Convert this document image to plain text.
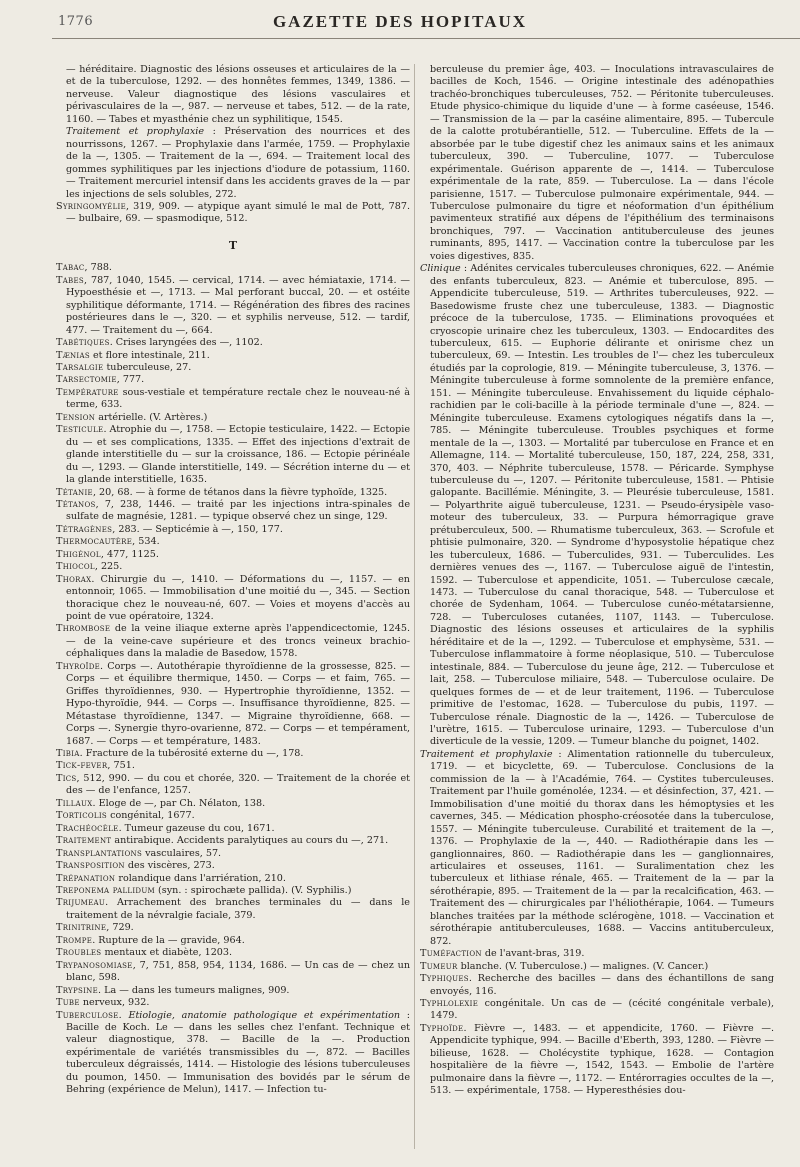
1776	GAZETTE DES HOPITAUX

— héréditaire. Diagnostic des lésions osseuses et articulaires de la — et de la tuberculose, 1292. — des honnêtes femmes, 1349, 1386. — nerveuse. Valeur diagnostique des lésions vasculaires et périvasculaires de la —, 987. — nerveuse et tabes, 512. — de la rate, 1160. — Tabes et myasthénie chez un syphilitique, 1545.

Traitement et prophylaxie : Préservation des nourrices et des nourrissons, 1267. — Prophylaxie dans l'armée, 1759. — Prophylaxie de la —, 1305. — Traitement de la —, 694. — Traitement local des gommes syphilitiques par les injections d'iodure de potassium, 1160. — Traitement mercuriel intensif dans les accidents graves de la — par les injections de sels solubles, 272.

Syringomyélie, 319, 909. — atypique ayant simulé le mal de Pott, 787. — bulbaire, 69. — spasmodique, 512.

T

Tabac, 788.

Tabes, 787, 1040, 1545. — cervical, 1714. — avec hémiataxie, 1714. — Hypoesthésie et —, 1713. — Mal perforant buccal, 20. — et ostéite syphilitique déformante, 1714. — Régénération des fibres des racines postérieures dans le —, 320. — et syphilis nerveuse, 512. — tardif, 477. — Traitement du —, 664.

Tabétiques. Crises laryngées des —, 1102.

Tænias et flore intestinale, 211.

Tarsalgie tuberculeuse, 27.

Tarsectomie, 777.

Température sous-vestiale et température rectale chez le nouveau-né à terme, 633.

Tension artérielle. (V. Artères.)

Testicule. Atrophie du —, 1758. — Ectopie testiculaire, 1422. — Ectopie du — et ses complications, 1335. — Effet des injections d'extrait de glande interstitielle du — sur la croissance, 186. — Ectopie périnéale du —, 1293. — Glande interstitielle, 149. — Sécrétion interne du — et la glande interstitielle, 1635.

Tétanie, 20, 68. — à forme de tétanos dans la fièvre typhoïde, 1325.

Tétanos, 7, 238, 1446. — traité par les injections intra-spinales de sulfate de magnésie, 1281. — typique observé chez un singe, 129.

Tétragènes, 283. — Septicémie à —, 150, 177.

Thermocautère, 534.

Thigénol, 477, 1125.

Thiocol, 225.

Thorax. Chirurgie du —, 1410. — Déformations du —, 1157. — en entonnoir, 1065. — Immobilisation d'une moitié du —, 345. — Section thoracique chez le nouveau-né, 607. — Voies et moyens d'accès au point de vue opératoire, 1324.

Thrombose de la veine iliaque externe après l'appendicectomie, 1245. — de la veine-cave supérieure et des troncs veineux brachio-céphaliques dans la maladie de Basedow, 1578.

Thyroïde. Corps —. Autothérapie thyroïdienne de la grossesse, 825. — Corps — et équilibre thermique, 1450. — Corps — et faim, 765. — Griffes thyroïdiennes, 930. — Hypertrophie thyroïdienne, 1352. — Hypo-thyroïdie, 944. — Corps —. Insuffisance thyroïdienne, 825. — Métastase thyroïdienne, 1347. — Migraine thyroïdienne, 668. — Corps —. Synergie thyro-ovarienne, 872. — Corps — et tempérament, 1687. — Corps — et température, 1483.

Tibia. Fracture de la tubérosité externe du —, 178.

Tick-fever, 751.

Tics, 512, 990. — du cou et chorée, 320. — Traitement de la chorée et des — de l'enfance, 1257.

Tillaux. Eloge de —, par Ch. Nélaton, 138.

Torticolis congénital, 1677.

Trachéocèle. Tumeur gazeuse du cou, 1671.

Traitement antirabique. Accidents paralytiques au cours du —, 271.

Transplantations vasculaires, 57.

Transposition des viscères, 273.

Trépanation rolandique dans l'arriération, 210.

Treponema pallidum (syn. : spirochæte pallida). (V. Syphilis.)

Trijumeau. Arrachement des branches terminales du — dans le traitement de la névralgie faciale, 379.

Trinitrine, 729.

Trompe. Rupture de la — gravide, 964.

Troubles mentaux et diabète, 1203.

Trypanosomiase, 7, 751, 858, 954, 1134, 1686. — Un cas de — chez un blanc, 598.

Trypsine. La — dans les tumeurs malignes, 909.

Tube nerveux, 932.

Tuberculose. Etiologie, anatomie pathologique et expérimentation : Bacille de Koch. Le — dans les selles chez l'enfant. Technique et valeur diagnostique, 378. — Bacille de la —. Production expérimentale de variétés transmissibles du —, 872. — Bacilles tuberculeux dégraissés, 1414. — Histologie des lésions tuberculeuses du poumon, 1450. — Immunisation des bovidés par le sérum de Behring (expérience de Melun), 1417. — Infection tu-

berculeuse du premier âge, 403. — Inoculations intravasculaires de bacilles de Koch, 1546. — Origine intestinale des adénopathies trachéo-bronchiques tuberculeuses, 752. — Péritonite tuberculeuses. Etude physico-chimique du liquide d'une — à forme caséeuse, 1546. — Transmission de la — par la caséine alimentaire, 895. — Tubercule de la calotte protubérantielle, 512. — Tuberculine. Effets de la — absorbée par le tube digestif chez les animaux sains et les animaux tuberculeux, 390. — Tuberculine, 1077. — Tuberculose expérimentale. Guérison apparente de —, 1414. — Tuberculose expérimentale de la rate, 859. — Tuberculose. La — dans l'école parisienne, 1517. — Tuberculose pulmonaire expérimentale, 944. — Tuberculose pulmonaire du tigre et néoformation d'un épithélium pavimenteux stratifié aux dépens de l'épithélium des terminaisons bronchiques, 797. — Vaccination antituberculeuse des jeunes ruminants, 895, 1417. — Vaccination contre la tuberculose par les voies digestives, 835.

Clinique : Adénites cervicales tuberculeuses chroniques, 622. — Anémie des enfants tuberculeux, 823. — Anémie et tuberculose, 895. — Appendicite tuberculeuse, 519. — Arthrites tuberculeuses, 922. — Basedowisme fruste chez une tuberculeuse, 1383. — Diagnostic précoce de la tuberculose, 1735. — Eliminations provoquées et cryoscopie urinaire chez les tuberculeux, 1303. — Endocardites des tuberculeux, 615. — Euphorie délirante et onirisme chez un tuberculeux, 69. — Intestin. Les troubles de l'— chez les tuberculeux étudiés par la coprologie, 819. — Méningite tuberculeuse, 3, 1376. — Méningite tuberculeuse à forme somnolente de la première enfance, 151. — Méningite tuberculeuse. Envahissement du liquide céphalo-rachidien par le coli-bacille à la période terminale d'une —, 824. — Méningite tuberculeuse. Examens cytologiques négatifs dans la —, 785. — Méningite tuberculeuse. Troubles psychiques et forme mentale de la —, 1303. — Mortalité par tuberculose en France et en Allemagne, 114. — Mortalité tuberculeuse, 150, 187, 224, 258, 331, 370, 403. — Néphrite tuberculeuse, 1578. — Péricarde. Symphyse tuberculeuse du —, 1207. — Péritonite tuberculeuse, 1581. — Phtisie galopante. Bacillémie. Méningite, 3. — Pleurésie tuberculeuse, 1581. — Polyarthrite aiguë tuberculeuse, 1231. — Pseudo-érysipèle vaso-moteur des tuberculeux, 33. — Purpura hémorragique grave prétuberculeux, 500. — Rhumatisme tuberculeux, 363. — Scrofule et phtisie pulmonaire, 320. — Syndrome d'hyposystolie hépatique chez les tuberculeux, 1686. — Tuberculides, 931. — Tuberculides. Les dernières venues des —, 1167. — Tuberculose aiguë de l'intestin, 1592. — Tuberculose et appendicite, 1051. — Tuberculose cæcale, 1473. — Tuberculose du canal thoracique, 548. — Tuberculose et chorée de Sydenham, 1064. — Tuberculose cunéo-métatarsienne, 728. — Tuberculoses cutanées, 1107, 1143. — Tuberculose. Diagnostic des lésions osseuses et articulaires de la syphilis héréditaire et de la —, 1292. — Tuberculose et emphysème, 531. — Tuberculose inflammatoire à forme néoplasique, 510. — Tuberculose intestinale, 884. — Tuberculose du jeune âge, 212. — Tuberculose et lait, 258. — Tuberculose miliaire, 548. — Tuberculose oculaire. De quelques formes de — et de leur traitement, 1196. — Tuberculose primitive de l'estomac, 1628. — Tuberculose du pubis, 1197. — Tuberculose rénale. Diagnostic de la —, 1426. — Tuberculose de l'urètre, 1615. — Tuberculose urinaire, 1293. — Tuberculose d'un diverticule de la vessie, 1209. — Tumeur blanche du poignet, 1402.

Traitement et prophylaxie : Alimentation rationnelle du tuberculeux, 1719. — et bicyclette, 69. — Tuberculose. Conclusions de la commission de la — à l'Académie, 764. — Cystites tuberculeuses. Traitement par l'huile goménolée, 1234. — et désinfection, 37, 421. — Immobilisation d'une moitié du thorax dans les hémoptysies et les cavernes, 345. — Médication phospho-créosotée dans la tuberculose, 1557. — Méningite tuberculeuse. Curabilité et traitement de la —, 1376. — Prophylaxie de la —, 440. — Radiothérapie dans les — ganglionnaires, 860. — Radiothérapie dans les — ganglionnaires, articulaires et osseuses, 1161. — Suralimentation chez les tuberculeux et lithiase rénale, 465. — Traitement de la — par la sérothérapie, 895. — Traitement de la — par la recalcification, 463. — Traitement des — chirurgicales par l'héliothérapie, 1064. — Tumeurs blanches traitées par la méthode sclérogène, 1018. — Vaccination et sérothérapie antituberculeuses, 1688. — Vaccins antituberculeux, 872.

Tuméfaction de l'avant-bras, 319.

Tumeur blanche. (V. Tuberculose.) — malignes. (V. Cancer.)

Typhiques. Recherche des bacilles — dans des échantillons de sang envoyés, 116.

Typhlolexie congénitale. Un cas de — (cécité congénitale verbale), 1479.

Typhoïde. Fièvre —, 1483. — et appendicite, 1760. — Fièvre —. Appendicite typhique, 994. — Bacille d'Eberth, 393, 1280. — Fièvre — bilieuse, 1628. — Cholécystite typhique, 1628. — Contagion hospitalière de la fièvre —, 1542, 1543. — Embolie de l'artère pulmonaire dans la fièvre —, 1172. — Entérorragies occultes de la —, 513. — expérimentale, 1758. — Hyperesthésies dou-
